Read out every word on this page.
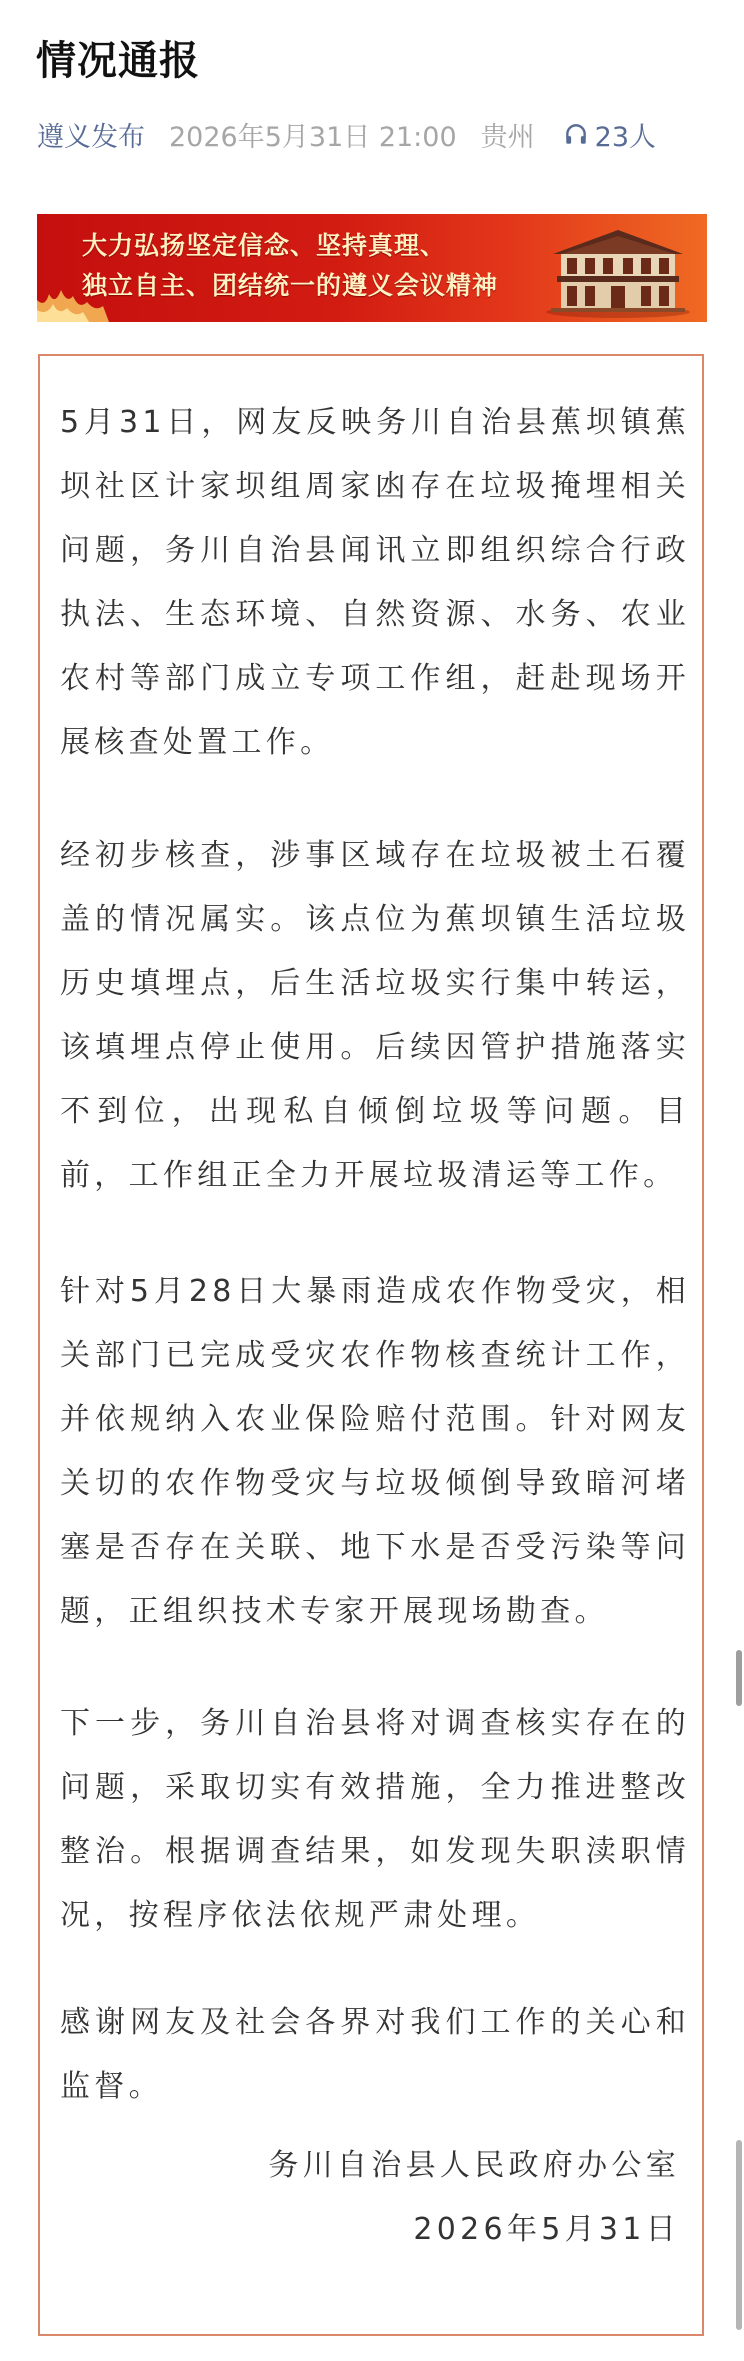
情况通报
遵义发布 2026年5月31日 21:00 贵州 23人
大力弘扬坚定信念、坚持真理、
独立自主、团结统一的遵义会议精神

5月31日，网友反映务川自治县蕉坝镇蕉坝社区计家坝组周家凼存在垃圾掩埋相关问题，务川自治县闻讯立即组织综合行政执法、生态环境、自然资源、水务、农业农村等部门成立专项工作组，赶赴现场开展核查处置工作。

经初步核查，涉事区域存在垃圾被土石覆盖的情况属实。该点位为蕉坝镇生活垃圾历史填埋点，后生活垃圾实行集中转运，该填埋点停止使用。后续因管护措施落实不到位，出现私自倾倒垃圾等问题。目前，工作组正全力开展垃圾清运等工作。

针对5月28日大暴雨造成农作物受灾，相关部门已完成受灾农作物核查统计工作，并依规纳入农业保险赔付范围。针对网友关切的农作物受灾与垃圾倾倒导致暗河堵塞是否存在关联、地下水是否受污染等问题，正组织技术专家开展现场勘查。

下一步，务川自治县将对调查核实存在的问题，采取切实有效措施，全力推进整改整治。根据调查结果，如发现失职渎职情况，按程序依法依规严肃处理。

感谢网友及社会各界对我们工作的关心和监督。

务川自治县人民政府办公室
2026年5月31日
